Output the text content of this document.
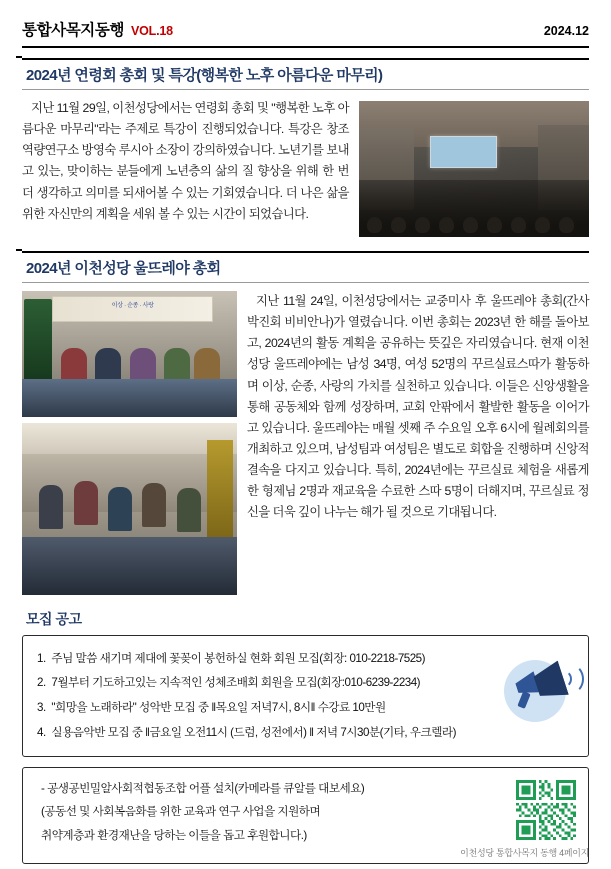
통합사목지동행 VOL.18	2024.12
2024년 연령회 총회 및 특강(행복한 노후 아름다운 마무리)
지난 11월 29일, 이천성당에서는 연령회 총회 및 "행복한 노후 아름다운 마무리"라는 주제로 특강이 진행되었습니다. 특강은 창조역량연구소 방영숙 루시아 소장이 강의하였습니다. 노년기를 보내고 있는, 맞이하는 분들에게 노년층의 삶의 질 향상을 위해 한 번 더 생각하고 의미를 되새어볼 수 있는 기회였습니다. 더 나은 삶을 위한 자신만의 계획을 세워 볼 수 있는 시간이 되었습니다.
2024년 이천성당 울뜨레야 총회
이상 · 순종 · 사랑	지난 11월 24일, 이천성당에서는 교중미사 후 울뜨레야 총회(간사 박진회 비비안나)가 열렸습니다. 이번 총회는 2023년 한 해를 돌아보고, 2024년의 활동 계획을 공유하는 뜻깊은 자리였습니다. 현재 이천성당 울뜨레야에는 남성 34명, 여성 52명의 꾸르실료스따가 활동하며 이상, 순종, 사랑의 가치를 실천하고 있습니다. 이들은 신앙생활을 통해 공동체와 함께 성장하며, 교회 안팎에서 활발한 활동을 이어가고 있습니다. 울뜨레야는 매월 셋째 주 수요일 오후 6시에 월례회의를 개최하고 있으며, 남성팀과 여성팀은 별도로 회합을 진행하며 신앙적 결속을 다지고 있습니다. 특히, 2024년에는 꾸르실료 체험을 새롭게 한 형제님 2명과 재교육을 수료한 스따 5명이 더해지며, 꾸르실료 정신을 더욱 깊이 나누는 해가 될 것으로 기대됩니다.
모집 공고
1. 주님 말씀 새기며 제대에 꽃꽂이 봉헌하실 현화 회원 모집(회장: 010-2218-7525)
2. 7월부터 기도하고있는 지속적인 성체조배회 회원을 모집(회장:010-6239-2234)
3. "희망을 노래하라" 성악반 모집 중 ‖목요일 저녁7시, 8시‖ 수강료 10만원
4. 실용음악반 모집 중 ‖금요일 오전11시 (드럼, 성전에서) ‖ 저녁 7시30분(기타, 우크렐라)

- 공생공빈밀알사회적협동조합 어플 설치(카메라를 큐알를 대보세요)

(공동선 및 사회복음화를 위한 교육과 연구 사업을 지원하며

취약계층과 환경재난을 당하는 이들을 돕고 후원합니다.)

이천성당 통합사목지 동행 4페이지
